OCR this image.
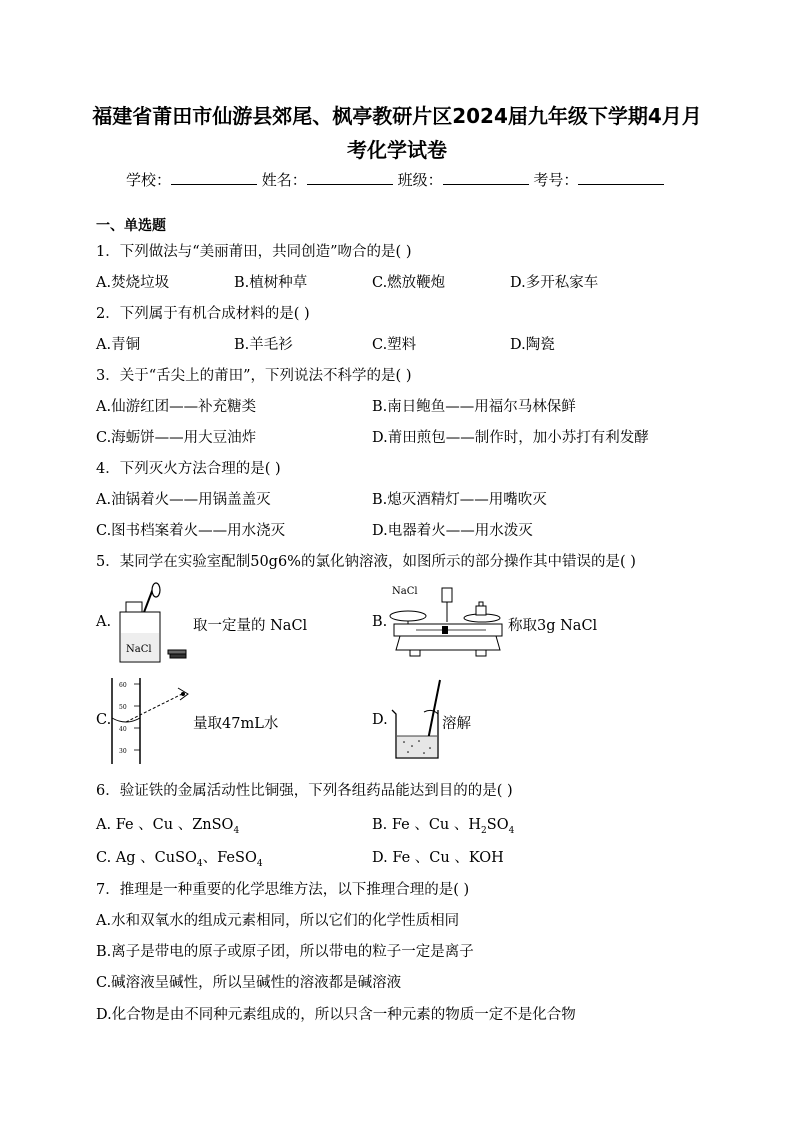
福建省莆田市仙游县郊尾、枫亭教研片区2024届九年级下学期4月月
考化学试卷
学校：	姓名：	班级：	考号：
一、单选题
1．下列做法与“美丽莆田，共同创造”吻合的是( )
A.焚烧垃圾	B.植树种草	C.燃放鞭炮	D.多开私家车
2．下列属于有机合成材料的是( )
A.青铜	B.羊毛衫	C.塑料	D.陶瓷
3．关于“舌尖上的莆田”，下列说法不科学的是( )
A.仙游红团——补充糖类	B.南日鲍鱼——用福尔马林保鲜
C.海蛎饼——用大豆油炸	D.莆田煎包——制作时，加小苏打有利发酵
4．下列灭火方法合理的是( )
A.油锅着火——用锅盖盖灭	B.熄灭酒精灯——用嘴吹灭
C.图书档案着火——用水浇灭	D.电器着火——用水泼灭
5．某同学在实验室配制50g6%的氯化钠溶液，如图所示的部分操作其中错误的是( )
A.
NaCl
取一定量的 NaCl	B.
NaCl
称取3g NaCl
C.
60
50
40
30
量取47mL水	D.	溶解
6．验证铁的金属活动性比铜强，下列各组药品能达到目的的是( )
A. Fe 、Cu 、ZnSO$_4$	B. Fe 、Cu 、$H_2SO_4$
C. Ag 、CuSO$_4$、FeSO$_4$	D. Fe 、Cu 、KOH
7．推理是一种重要的化学思维方法，以下推理合理的是( )
A.水和双氧水的组成元素相同，所以它们的化学性质相同
B.离子是带电的原子或原子团，所以带电的粒子一定是离子
C.碱溶液呈碱性，所以呈碱性的溶液都是碱溶液
D.化合物是由不同种元素组成的，所以只含一种元素的物质一定不是化合物
